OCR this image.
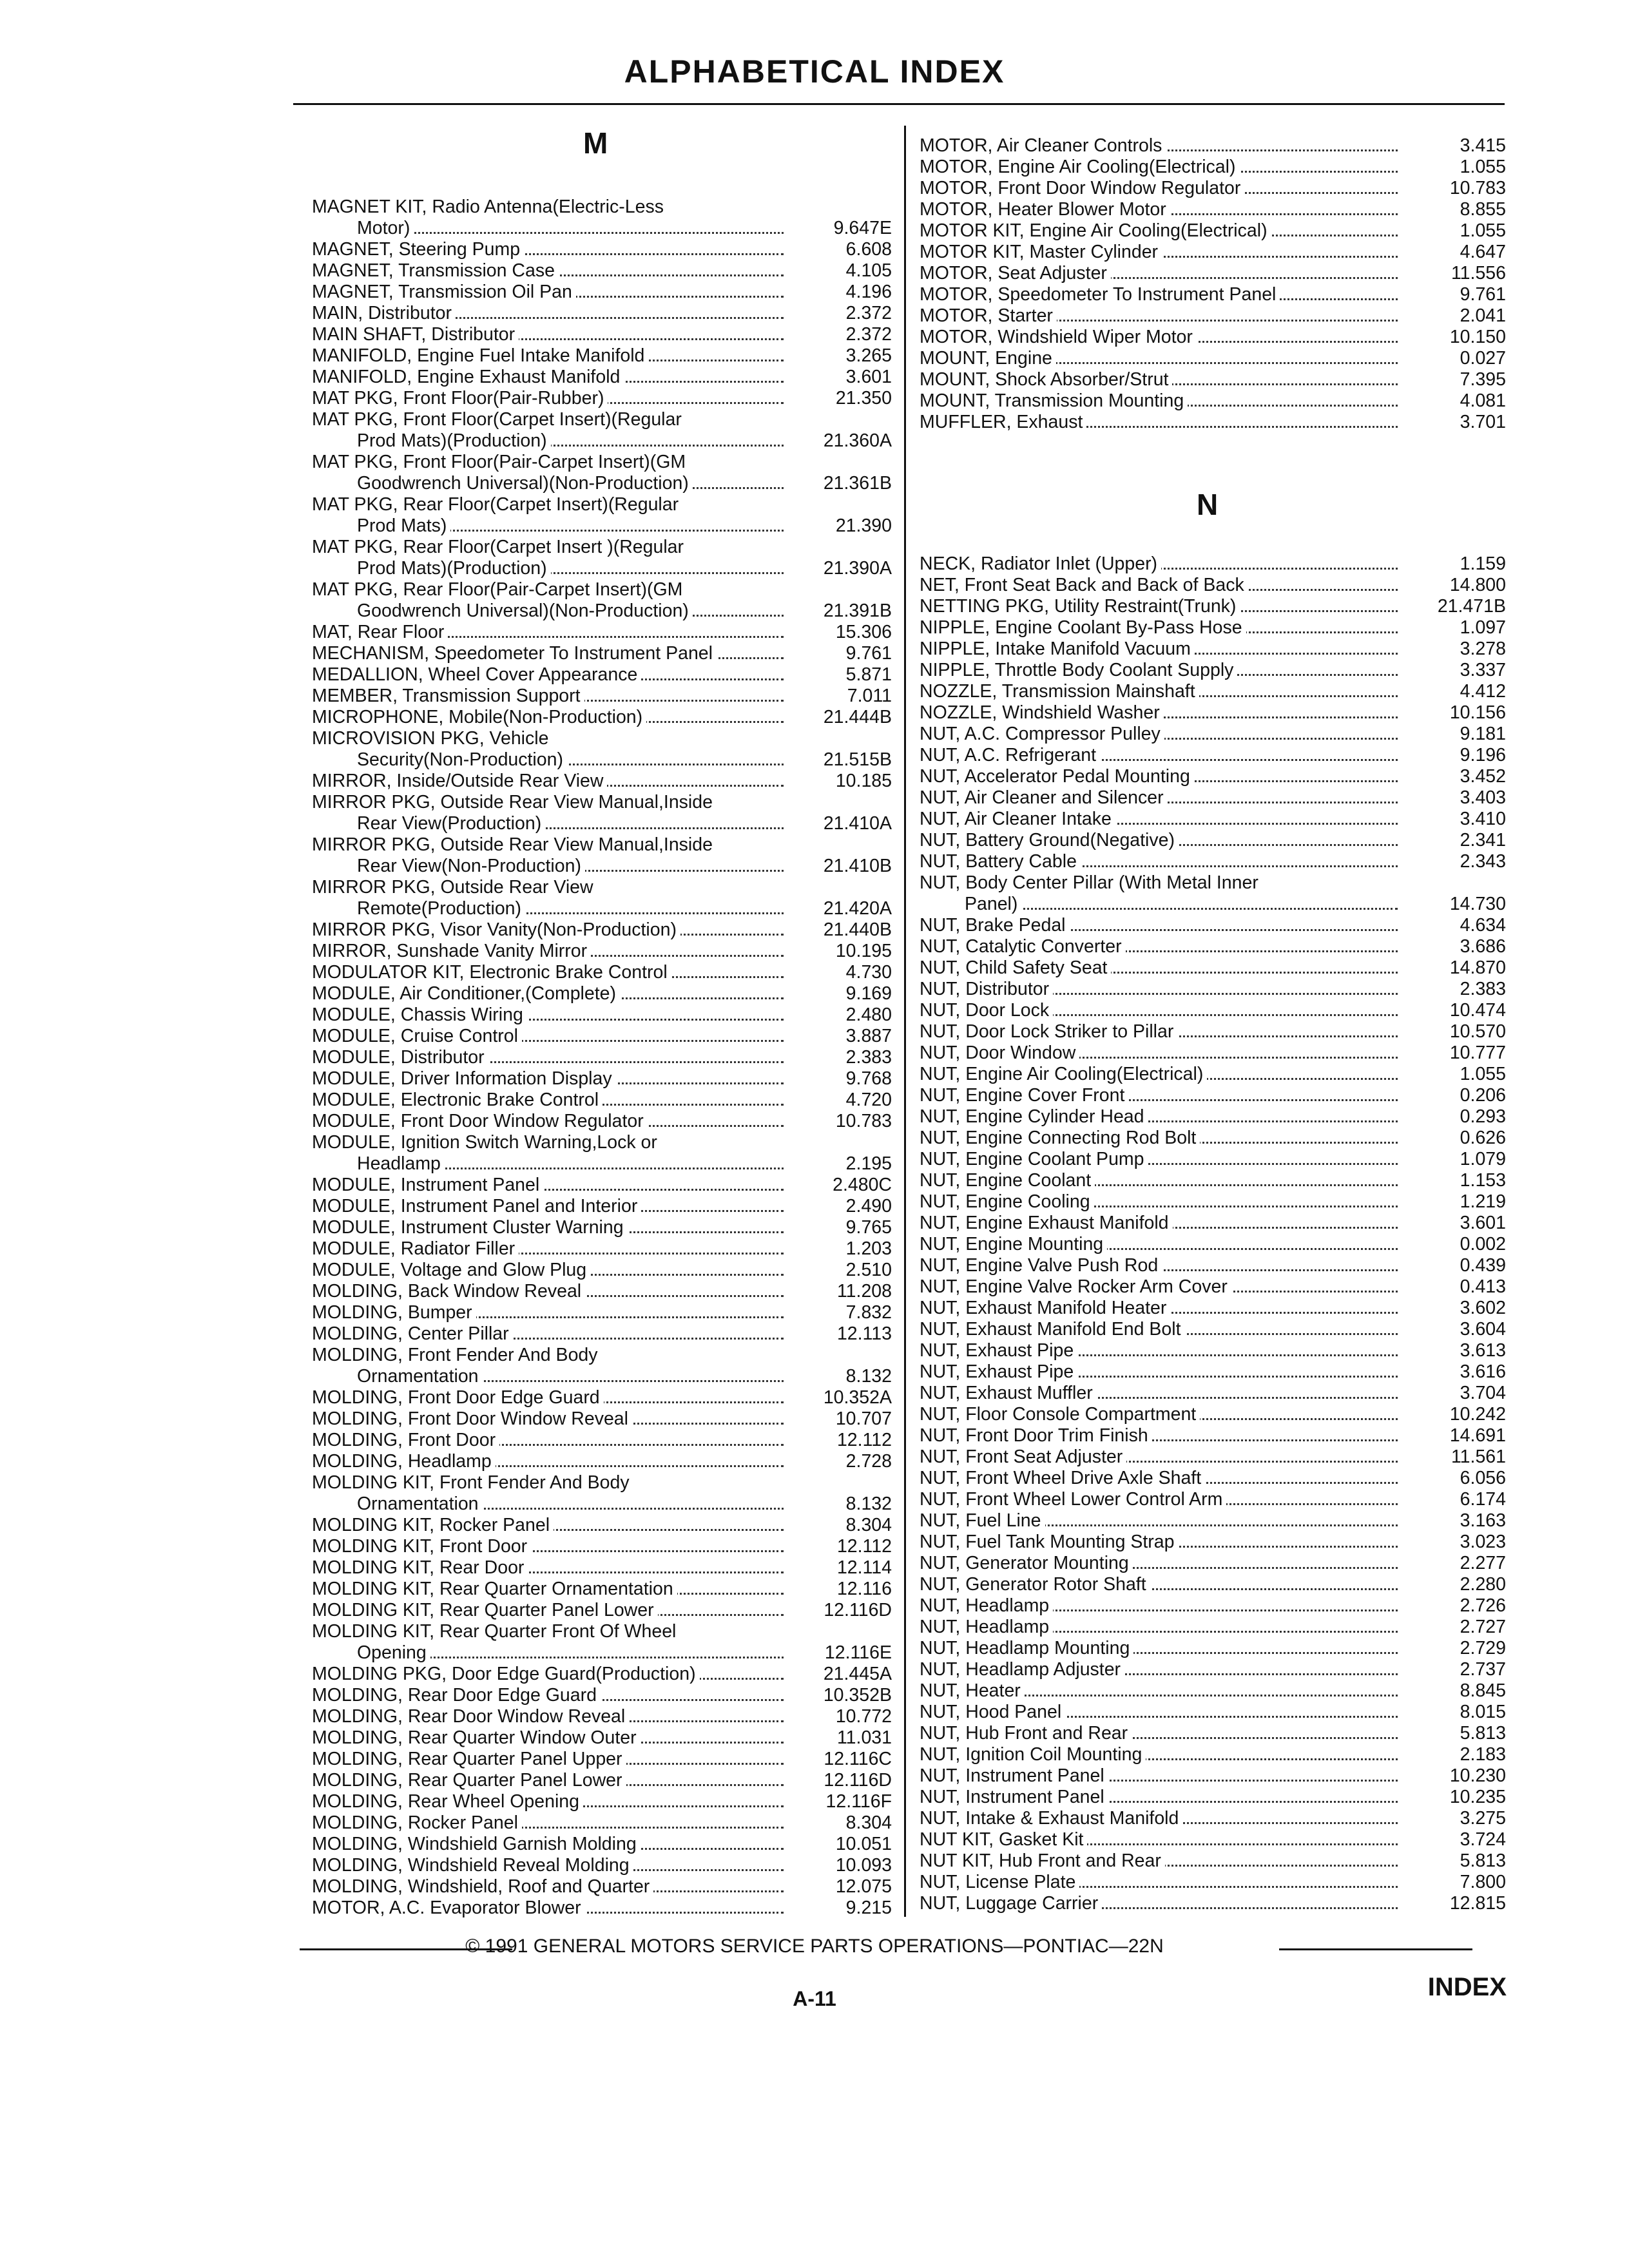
ALPHABETICAL INDEX
M
N
MAGNET KIT, Radio Antenna(Electric-Less
Motor)	9.647E
MAGNET, Steering Pump	6.608
MAGNET, Transmission Case	4.105
MAGNET, Transmission Oil Pan	4.196
MAIN, Distributor	2.372
MAIN SHAFT, Distributor	2.372
MANIFOLD, Engine Fuel Intake Manifold	3.265
MANIFOLD, Engine Exhaust Manifold	3.601
MAT PKG, Front Floor(Pair-Rubber)	21.350
MAT PKG, Front Floor(Carpet Insert)(Regular
Prod Mats)(Production)	21.360A
MAT PKG, Front Floor(Pair-Carpet Insert)(GM
Goodwrench Universal)(Non-Production)	21.361B
MAT PKG, Rear Floor(Carpet Insert)(Regular
Prod Mats)	21.390
MAT PKG, Rear Floor(Carpet Insert )(Regular
Prod Mats)(Production)	21.390A
MAT PKG, Rear Floor(Pair-Carpet Insert)(GM
Goodwrench Universal)(Non-Production)	21.391B
MAT, Rear Floor	15.306
MECHANISM, Speedometer To Instrument Panel	9.761
MEDALLION, Wheel Cover Appearance	5.871
MEMBER, Transmission Support	7.011
MICROPHONE, Mobile(Non-Production)	21.444B
MICROVISION PKG, Vehicle
Security(Non-Production)	21.515B
MIRROR, Inside/Outside Rear View	10.185
MIRROR PKG, Outside Rear View Manual,Inside
Rear View(Production)	21.410A
MIRROR PKG, Outside Rear View Manual,Inside
Rear View(Non-Production)	21.410B
MIRROR PKG, Outside Rear View
Remote(Production)	21.420A
MIRROR PKG, Visor Vanity(Non-Production)	21.440B
MIRROR, Sunshade Vanity Mirror	10.195
MODULATOR KIT, Electronic Brake Control	4.730
MODULE, Air Conditioner,(Complete)	9.169
MODULE, Chassis Wiring	2.480
MODULE, Cruise Control	3.887
MODULE, Distributor	2.383
MODULE, Driver Information Display	9.768
MODULE, Electronic Brake Control	4.720
MODULE, Front Door Window Regulator	10.783
MODULE, Ignition Switch Warning,Lock or
Headlamp	2.195
MODULE, Instrument Panel	2.480C
MODULE, Instrument Panel and Interior	2.490
MODULE, Instrument Cluster Warning	9.765
MODULE, Radiator Filler	1.203
MODULE, Voltage and Glow Plug	2.510
MOLDING, Back Window Reveal	11.208
MOLDING, Bumper	7.832
MOLDING, Center Pillar	12.113
MOLDING, Front Fender And Body
Ornamentation	8.132
MOLDING, Front Door Edge Guard	10.352A
MOLDING, Front Door Window Reveal	10.707
MOLDING, Front Door	12.112
MOLDING, Headlamp	2.728
MOLDING KIT, Front Fender And Body
Ornamentation	8.132
MOLDING KIT, Rocker Panel	8.304
MOLDING KIT, Front Door	12.112
MOLDING KIT, Rear Door	12.114
MOLDING KIT, Rear Quarter Ornamentation	12.116
MOLDING KIT, Rear Quarter Panel Lower	12.116D
MOLDING KIT, Rear Quarter Front Of Wheel
Opening	12.116E
MOLDING PKG, Door Edge Guard(Production)	21.445A
MOLDING, Rear Door Edge Guard	10.352B
MOLDING, Rear Door Window Reveal	10.772
MOLDING, Rear Quarter Window Outer	11.031
MOLDING, Rear Quarter Panel Upper	12.116C
MOLDING, Rear Quarter Panel Lower	12.116D
MOLDING, Rear Wheel Opening	12.116F
MOLDING, Rocker Panel	8.304
MOLDING, Windshield Garnish Molding	10.051
MOLDING, Windshield Reveal Molding	10.093
MOLDING, Windshield, Roof and Quarter	12.075
MOTOR, A.C. Evaporator Blower	9.215
MOTOR, Air Cleaner Controls	3.415
MOTOR, Engine Air Cooling(Electrical)	1.055
MOTOR, Front Door Window Regulator	10.783
MOTOR, Heater Blower Motor	8.855
MOTOR KIT, Engine Air Cooling(Electrical)	1.055
MOTOR KIT, Master Cylinder	4.647
MOTOR, Seat Adjuster	11.556
MOTOR, Speedometer To Instrument Panel	9.761
MOTOR, Starter	2.041
MOTOR, Windshield Wiper Motor	10.150
MOUNT, Engine	0.027
MOUNT, Shock Absorber/Strut	7.395
MOUNT, Transmission Mounting	4.081
MUFFLER, Exhaust	3.701
NECK, Radiator Inlet (Upper)	1.159
NET, Front Seat Back and Back of Back	14.800
NETTING PKG, Utility Restraint(Trunk)	21.471B
NIPPLE, Engine Coolant By-Pass Hose	1.097
NIPPLE, Intake Manifold Vacuum	3.278
NIPPLE, Throttle Body Coolant Supply	3.337
NOZZLE, Transmission Mainshaft	4.412
NOZZLE, Windshield Washer	10.156
NUT, A.C. Compressor Pulley	9.181
NUT, A.C. Refrigerant	9.196
NUT, Accelerator Pedal Mounting	3.452
NUT, Air Cleaner and Silencer	3.403
NUT, Air Cleaner Intake	3.410
NUT, Battery Ground(Negative)	2.341
NUT, Battery Cable	2.343
NUT, Body Center Pillar (With Metal Inner
Panel)	14.730
NUT, Brake Pedal	4.634
NUT, Catalytic Converter	3.686
NUT, Child Safety Seat	14.870
NUT, Distributor	2.383
NUT, Door Lock	10.474
NUT, Door Lock Striker to Pillar	10.570
NUT, Door Window	10.777
NUT, Engine Air Cooling(Electrical)	1.055
NUT, Engine Cover Front	0.206
NUT, Engine Cylinder Head	0.293
NUT, Engine Connecting Rod Bolt	0.626
NUT, Engine Coolant Pump	1.079
NUT, Engine Coolant	1.153
NUT, Engine Cooling	1.219
NUT, Engine Exhaust Manifold	3.601
NUT, Engine Mounting	0.002
NUT, Engine Valve Push Rod	0.439
NUT, Engine Valve Rocker Arm Cover	0.413
NUT, Exhaust Manifold Heater	3.602
NUT, Exhaust Manifold End Bolt	3.604
NUT, Exhaust Pipe	3.613
NUT, Exhaust Pipe	3.616
NUT, Exhaust Muffler	3.704
NUT, Floor Console Compartment	10.242
NUT, Front Door Trim Finish	14.691
NUT, Front Seat Adjuster	11.561
NUT, Front Wheel Drive Axle Shaft	6.056
NUT, Front Wheel Lower Control Arm	6.174
NUT, Fuel Line	3.163
NUT, Fuel Tank Mounting Strap	3.023
NUT, Generator Mounting	2.277
NUT, Generator Rotor Shaft	2.280
NUT, Headlamp	2.726
NUT, Headlamp	2.727
NUT, Headlamp Mounting	2.729
NUT, Headlamp Adjuster	2.737
NUT, Heater	8.845
NUT, Hood Panel	8.015
NUT, Hub Front and Rear	5.813
NUT, Ignition Coil Mounting	2.183
NUT, Instrument Panel	10.230
NUT, Instrument Panel	10.235
NUT, Intake & Exhaust Manifold	3.275
NUT KIT, Gasket Kit	3.724
NUT KIT, Hub Front and Rear	5.813
NUT, License Plate	7.800
NUT, Luggage Carrier	12.815
© 1991 GENERAL MOTORS SERVICE PARTS OPERATIONS—PONTIAC—22N
A-11	INDEX
